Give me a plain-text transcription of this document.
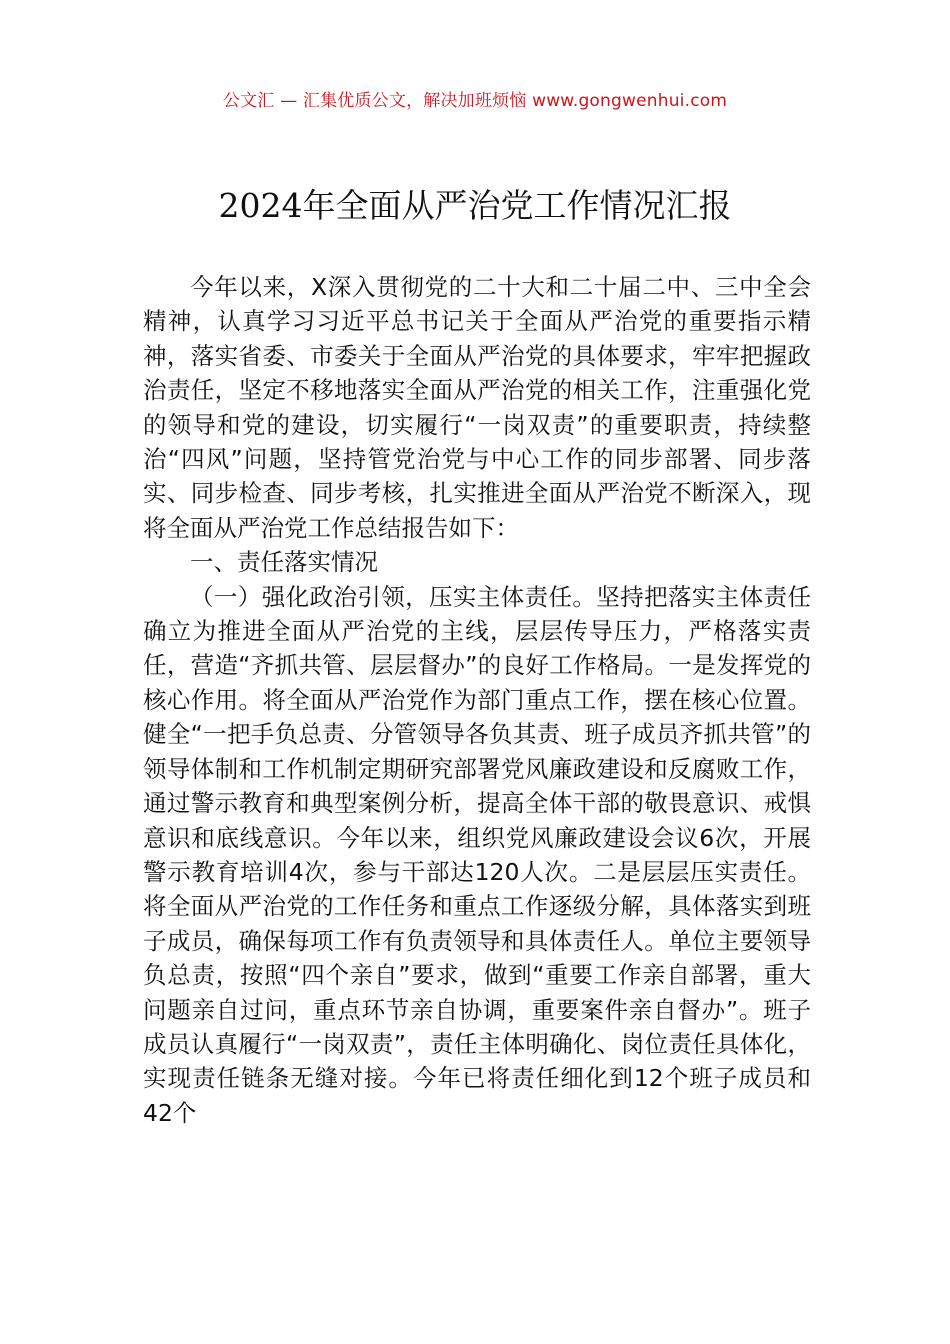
公文汇 — 汇集优质公文，解决加班烦恼 www.gongwenhui.com
2024年全面从严治党工作情况汇报

今年以来，X深入贯彻党的二十大和二十届二中、三中全会精神，认真学习习近平总书记关于全面从严治党的重要指示精神，落实省委、市委关于全面从严治党的具体要求，牢牢把握政治责任，坚定不移地落实全面从严治党的相关工作，注重强化党的领导和党的建设，切实履行“一岗双责”的重要职责，持续整治“四风”问题，坚持管党治党与中心工作的同步部署、同步落实、同步检查、同步考核，扎实推进全面从严治党不断深入，现将全面从严治党工作总结报告如下：

一、责任落实情况

（一）强化政治引领，压实主体责任。坚持把落实主体责任确立为推进全面从严治党的主线，层层传导压力，严格落实责任，营造“齐抓共管、层层督办”的良好工作格局。一是发挥党的核心作用。将全面从严治党作为部门重点工作，摆在核心位置。健全“一把手负总责、分管领导各负其责、班子成员齐抓共管”的领导体制和工作机制定期研究部署党风廉政建设和反腐败工作，通过警示教育和典型案例分析，提高全体干部的敬畏意识、戒惧意识和底线意识。今年以来，组织党风廉政建设会议6次，开展警示教育培训4次，参与干部达120人次。二是层层压实责任。将全面从严治党的工作任务和重点工作逐级分解，具体落实到班子成员，确保每项工作有负责领导和具体责任人。单位主要领导负总责，按照“四个亲自”要求，做到“重要工作亲自部署，重大问题亲自过问，重点环节亲自协调，重要案件亲自督办”。班子成员认真履行“一岗双责”，责任主体明确化、岗位责任具体化，实现责任链条无缝对接。今年已将责任细化到12个班子成员和42个
